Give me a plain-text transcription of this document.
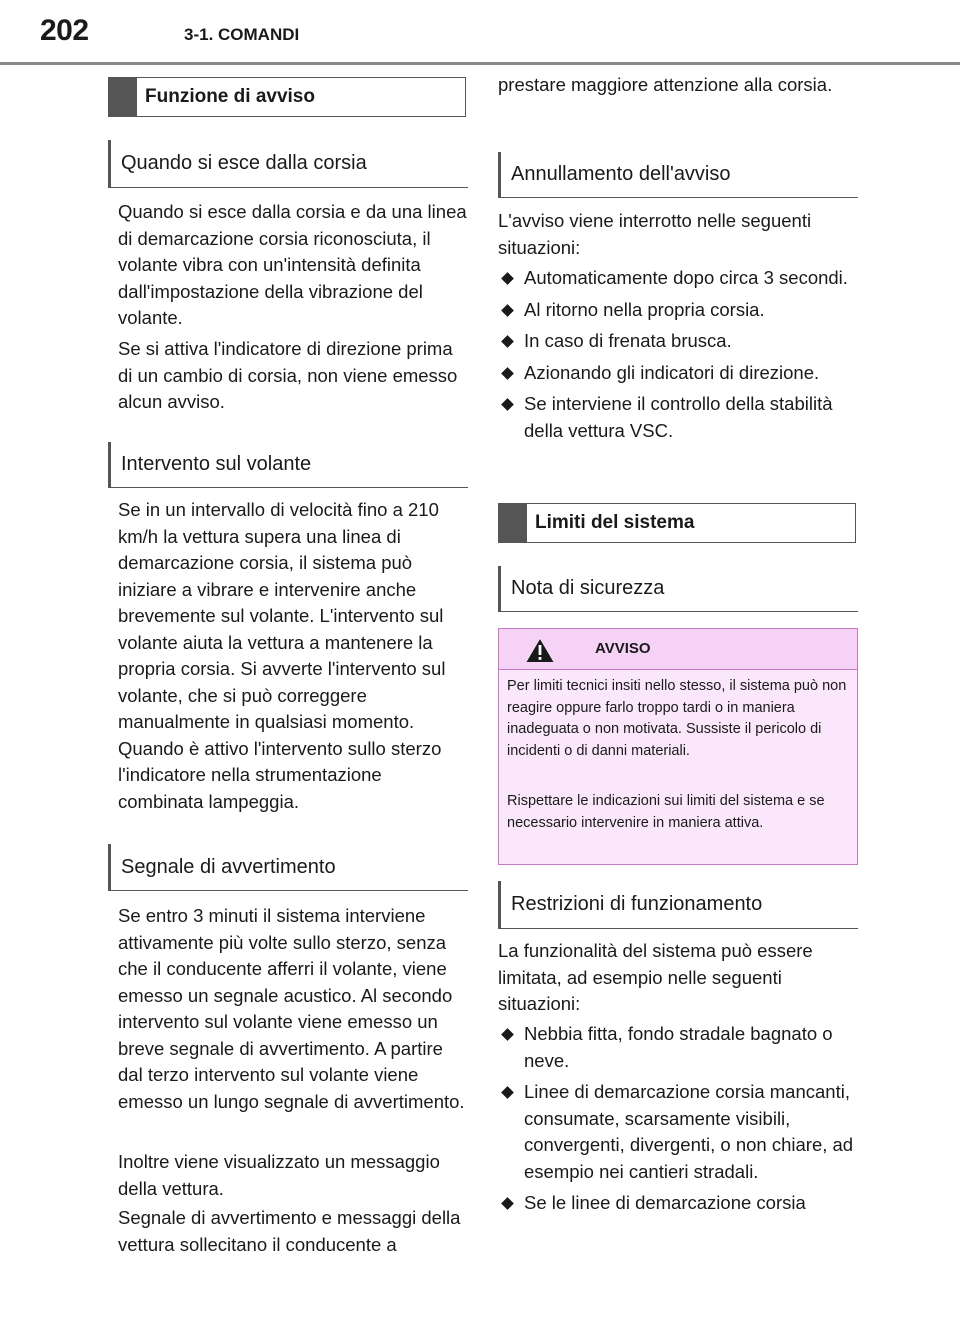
202	3-1. COMANDI
Funzione di avviso
Quando si esce dalla corsia

Quando si esce dalla corsia e da una linea di demarcazione corsia riconosciuta, il volante vibra con un'intensità definita dall'impostazione della vibrazione del volante.

Se si attiva l'indicatore di direzione prima di un cambio di corsia, non viene emesso alcun avviso.

Intervento sul volante

Se in un intervallo di velocità fino a 210 km/h la vettura supera una linea di demarcazione corsia, il sistema può iniziare a vibrare e intervenire anche brevemente sul volante. L'intervento sul volante aiuta la vettura a mantenere la propria corsia. Si avverte l'intervento sul volante, che si può correggere manualmente in qualsiasi momento. Quando è attivo l'intervento sullo sterzo l'indicatore nella strumentazione combinata lampeggia.

Segnale di avvertimento

Se entro 3 minuti il sistema interviene attivamente più volte sullo sterzo, senza che il conducente afferri il volante, viene emesso un segnale acustico. Al secondo intervento sul volante viene emesso un breve segnale di avvertimento. A partire dal terzo intervento sul volante viene emesso un lungo segnale di avvertimento.

Inoltre viene visualizzato un messaggio della vettura.

Segnale di avvertimento e messaggi della vettura sollecitano il conducente a

prestare maggiore attenzione alla corsia.

Annullamento dell'avviso

L'avviso viene interrotto nelle seguenti situazioni:

Automaticamente dopo circa 3 secondi.
Al ritorno nella propria corsia.
In caso di frenata brusca.
Azionando gli indicatori di direzione.
Se interviene il controllo della stabilità della vettura VSC.
Limiti del sistema
Nota di sicurezza
AVVISO

Per limiti tecnici insiti nello stesso, il sistema può non reagire oppure farlo troppo tardi o in maniera inadeguata o non motivata. Sussiste il pericolo di incidenti o di danni materiali.

Rispettare le indicazioni sui limiti del sistema e se necessario intervenire in maniera attiva.

Restrizioni di funzionamento

La funzionalità del sistema può essere limitata, ad esempio nelle seguenti situazioni:

Nebbia fitta, fondo stradale bagnato o neve.
Linee di demarcazione corsia mancanti, consumate, scarsamente visibili, convergenti, divergenti, o non chiare, ad esempio nei cantieri stradali.
Se le linee di demarcazione corsia
